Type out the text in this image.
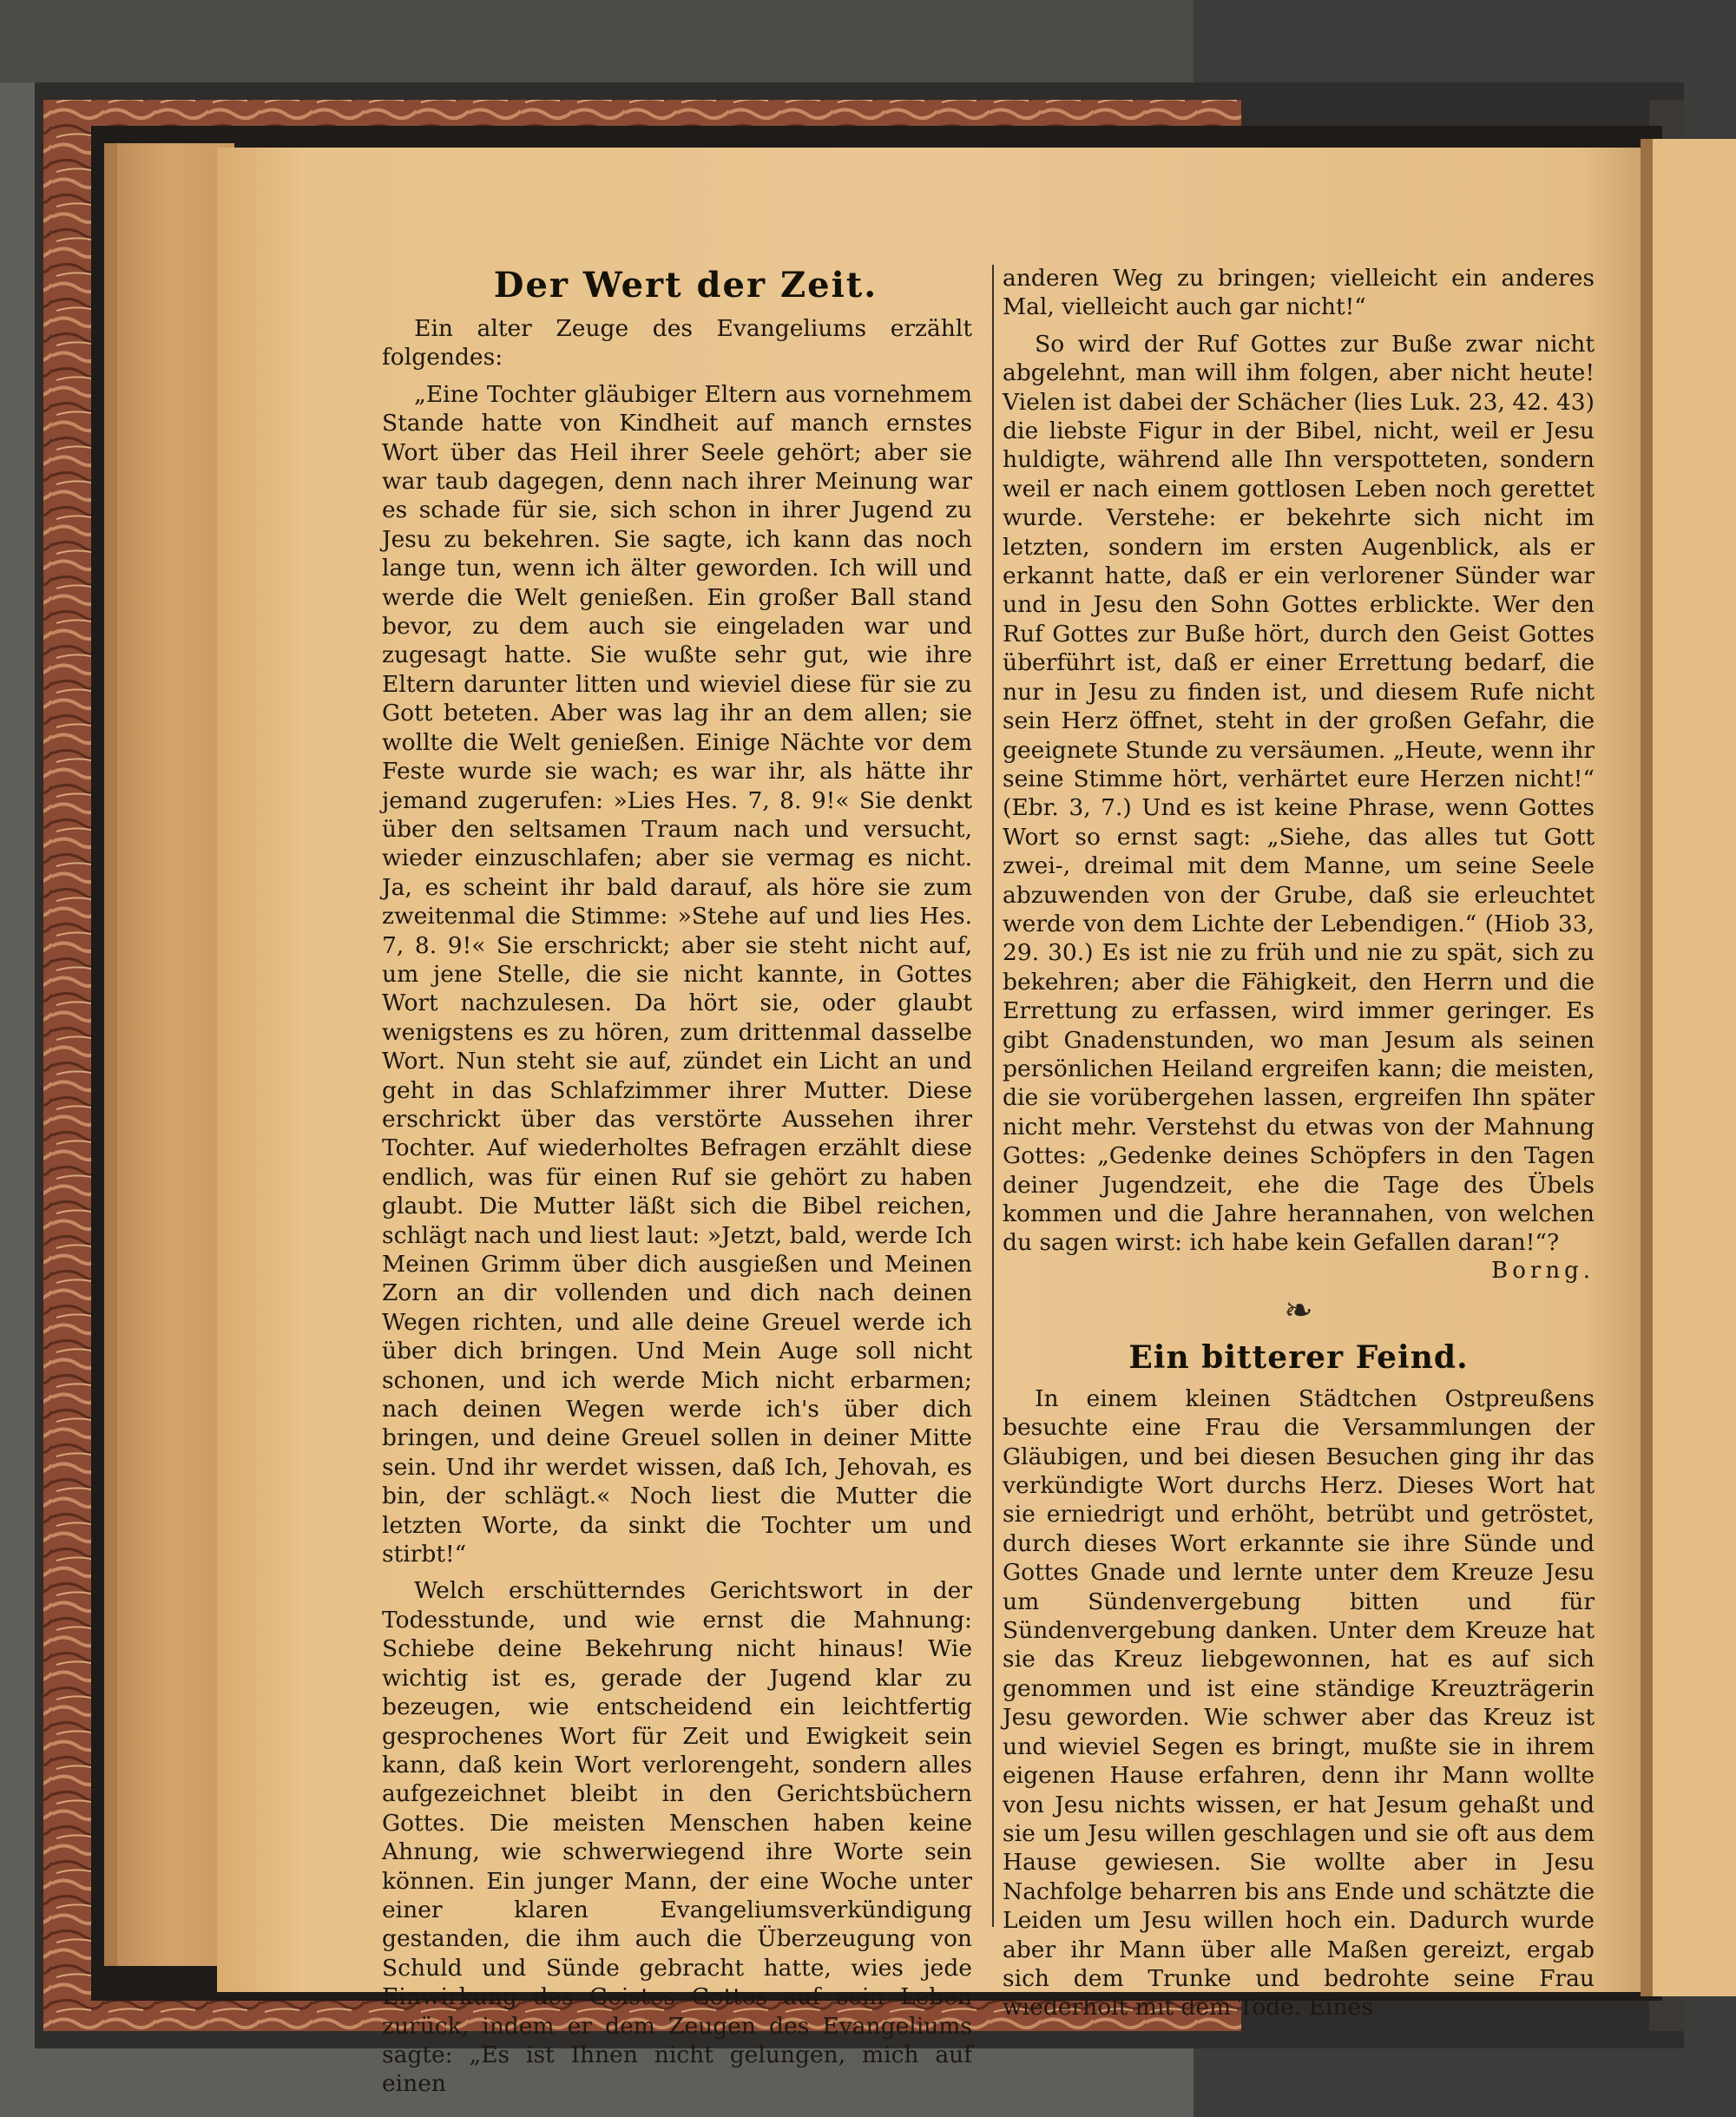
Der Wert der Zeit.

Ein alter Zeuge des Evangeliums erzählt folgendes:

„Eine Tochter gläubiger Eltern aus vornehmem Stande hatte von Kindheit auf manch ernstes Wort über das Heil ihrer Seele gehört; aber sie war taub dagegen, denn nach ihrer Meinung war es schade für sie, sich schon in ihrer Jugend zu Jesu zu bekehren. Sie sagte, ich kann das noch lange tun, wenn ich älter geworden. Ich will und werde die Welt genießen. Ein großer Ball stand bevor, zu dem auch sie eingeladen war und zugesagt hatte. Sie wußte sehr gut, wie ihre Eltern darunter litten und wieviel diese für sie zu Gott beteten. Aber was lag ihr an dem allen; sie wollte die Welt genießen. Einige Nächte vor dem Feste wurde sie wach; es war ihr, als hätte ihr jemand zugerufen: »Lies Hes. 7, 8. 9!« Sie denkt über den seltsamen Traum nach und versucht, wieder einzuschlafen; aber sie vermag es nicht. Ja, es scheint ihr bald darauf, als höre sie zum zweitenmal die Stimme: »Stehe auf und lies Hes. 7, 8. 9!« Sie erschrickt; aber sie steht nicht auf, um jene Stelle, die sie nicht kannte, in Gottes Wort nachzulesen. Da hört sie, oder glaubt wenigstens es zu hören, zum drittenmal dasselbe Wort. Nun steht sie auf, zündet ein Licht an und geht in das Schlafzimmer ihrer Mutter. Diese erschrickt über das verstörte Aussehen ihrer Tochter. Auf wiederholtes Befragen erzählt diese endlich, was für einen Ruf sie gehört zu haben glaubt. Die Mutter läßt sich die Bibel reichen, schlägt nach und liest laut: »Jetzt, bald, werde Ich Meinen Grimm über dich ausgießen und Meinen Zorn an dir vollenden und dich nach deinen Wegen richten, und alle deine Greuel werde ich über dich bringen. Und Mein Auge soll nicht schonen, und ich werde Mich nicht erbarmen; nach deinen Wegen werde ich's über dich bringen, und deine Greuel sollen in deiner Mitte sein. Und ihr werdet wissen, daß Ich, Jehovah, es bin, der schlägt.« Noch liest die Mutter die letzten Worte, da sinkt die Tochter um und stirbt!“

Welch erschütterndes Gerichtswort in der Todesstunde, und wie ernst die Mahnung: Schiebe deine Bekehrung nicht hinaus! Wie wichtig ist es, gerade der Jugend klar zu bezeugen, wie entscheidend ein leichtfertig gesprochenes Wort für Zeit und Ewigkeit sein kann, daß kein Wort verlorengeht, sondern alles aufgezeichnet bleibt in den Gerichtsbüchern Gottes. Die meisten Menschen haben keine Ahnung, wie schwerwiegend ihre Worte sein können. Ein junger Mann, der eine Woche unter einer klaren Evangeliumsverkündigung gestanden, die ihm auch die Überzeugung von Schuld und Sünde gebracht hatte, wies jede Einwirkung des Geistes Gottes auf sein Leben zurück, indem er dem Zeugen des Evangeliums sagte: „Es ist Ihnen nicht gelungen, mich auf einen

anderen Weg zu bringen; vielleicht ein anderes Mal, vielleicht auch gar nicht!“

So wird der Ruf Gottes zur Buße zwar nicht abgelehnt, man will ihm folgen, aber nicht heute! Vielen ist dabei der Schächer (lies Luk. 23, 42. 43) die liebste Figur in der Bibel, nicht, weil er Jesu huldigte, während alle Ihn verspotteten, sondern weil er nach einem gottlosen Leben noch gerettet wurde. Verstehe: er bekehrte sich nicht im letzten, sondern im ersten Augenblick, als er erkannt hatte, daß er ein verlorener Sünder war und in Jesu den Sohn Gottes erblickte. Wer den Ruf Gottes zur Buße hört, durch den Geist Gottes überführt ist, daß er einer Errettung bedarf, die nur in Jesu zu finden ist, und diesem Rufe nicht sein Herz öffnet, steht in der großen Gefahr, die geeignete Stunde zu versäumen. „Heute, wenn ihr seine Stimme hört, verhärtet eure Herzen nicht!“ (Ebr. 3, 7.) Und es ist keine Phrase, wenn Gottes Wort so ernst sagt: „Siehe, das alles tut Gott zwei-, dreimal mit dem Manne, um seine Seele abzuwenden von der Grube, daß sie erleuchtet werde von dem Lichte der Lebendigen.“ (Hiob 33, 29. 30.) Es ist nie zu früh und nie zu spät, sich zu bekehren; aber die Fähigkeit, den Herrn und die Errettung zu erfassen, wird immer geringer. Es gibt Gnadenstunden, wo man Jesum als seinen persönlichen Heiland ergreifen kann; die meisten, die sie vorübergehen lassen, ergreifen Ihn später nicht mehr. Verstehst du etwas von der Mahnung Gottes: „Gedenke deines Schöpfers in den Tagen deiner Jugendzeit, ehe die Tage des Übels kommen und die Jahre herannahen, von welchen du sagen wirst: ich habe kein Gefallen daran!“?

Borng.

❧
Ein bitterer Feind.

In einem kleinen Städtchen Ostpreußens besuchte eine Frau die Versammlungen der Gläubigen, und bei diesen Besuchen ging ihr das verkündigte Wort durchs Herz. Dieses Wort hat sie erniedrigt und erhöht, betrübt und getröstet, durch dieses Wort erkannte sie ihre Sünde und Gottes Gnade und lernte unter dem Kreuze Jesu um Sündenvergebung bitten und für Sündenvergebung danken. Unter dem Kreuze hat sie das Kreuz liebgewonnen, hat es auf sich genommen und ist eine ständige Kreuzträgerin Jesu geworden. Wie schwer aber das Kreuz ist und wieviel Segen es bringt, mußte sie in ihrem eigenen Hause erfahren, denn ihr Mann wollte von Jesu nichts wissen, er hat Jesum gehaßt und sie um Jesu willen geschlagen und sie oft aus dem Hause gewiesen. Sie wollte aber in Jesu Nachfolge beharren bis ans Ende und schätzte die Leiden um Jesu willen hoch ein. Dadurch wurde aber ihr Mann über alle Maßen gereizt, ergab sich dem Trunke und bedrohte seine Frau wiederholt mit dem Tode. Eines
